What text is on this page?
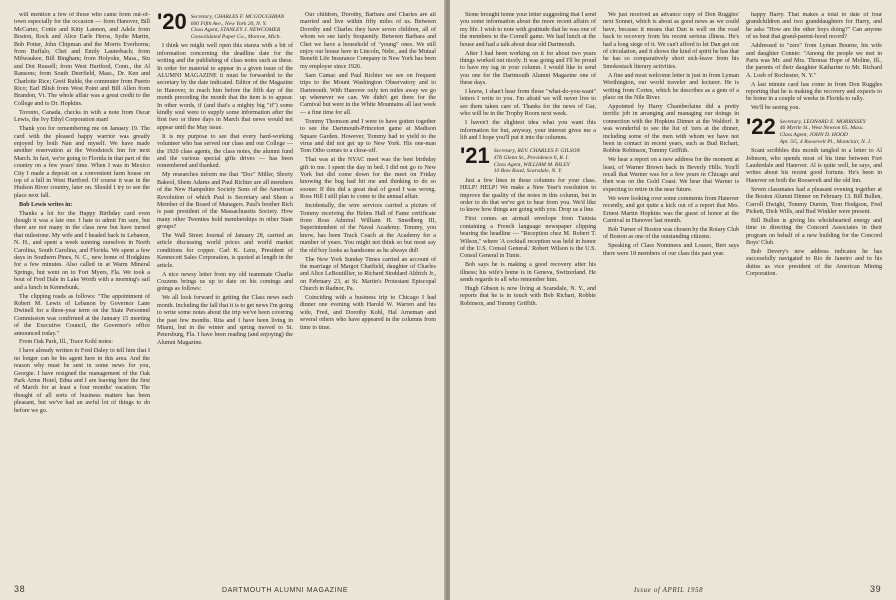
will mention a few of those who came from out-of-town especially for the occasion — from Hanover, Bill McCarter, Cottie and Kitty Lannon, and Adele from Boston, Rock and Alice Earle Heros, Sydie Martin, Bob Potter, John Chipman and the Morris Everhorns; from Buffalo, Chet and Emily Lauterbach; from Milwaukee, Bill Bingham; from Holyoke, Mass., Stu and Dot Russell; from West Hartford, Conn., the Al Ransons; from South Deerfield, Mass., Dr. Ken and Charlotte Rice; Greif Ruhle, the commuter from Puerto Rico; Earl Blish from West Point and Bill Allen from Brandon, Vt. The whole affair was a great credit to the College and to Dr. Hopkins.

Toronto, Canada, checks in with a note from Oscar Lewis, the Ivy Ethyl Corporation man!

Thank you for remembering me on January 19. The card with the pleased happy warrior was greatly enjoyed by both Nan and myself. We have made another reservation at the Woodstock Inn for next March. In fact, we're going to Florida in that part of the country on a few years' time. When I was in Mexico City I made a deposit on a convenient farm house on top of a hill in West Hartford. Of course it was in the Hudson River country, later on. Should I try to see the place next fall.

Bob Lewis writes in:

Thanks a lot for the Happy Birthday card even though it was a late one. I hate to admit I'm sure, but there are not many in the class now but have turned that milestone. My wife and I headed back in Lebanon, N. H., and spent a week sunning ourselves in North Carolina, South Carolina, and Florida. We spent a few days in Southern Pines, N. C., new home of Hodgkins for a few minutes. Also called in at Warm Mineral Springs, but went on to Fort Myers, Fla. We took a bout of Fred Dale in Lake Worth with a morning's sail and a lunch in Kennebunk.

The clipping reads as follows: "The appointment of Robert M. Lewis of Lebanon by Governor Lane Dwinell for a three-year term on the State Personnel Commission was confirmed at the January 15 meeting of the Executive Council, the Governor's office announced today."

From Oak Park, Ill., Trace Kohl notes:

I have already written to Fred Daley to tell him that I no longer can be his agent here in this area. And the reason why must be sent in some news for you, Georgie. I have resigned the management of the Oak Park Arms Hotel, Edna and I are leaving here the first of March for at least a four months' vacation. The thought of all sorts of business matters has been pleasant, but we've had an awful lot of things to do before we go.

'20 Secretary, CHARLES F. MCGOUGHRAN
600 Fifth Ave., New York 20, N. Y.
Class Agent, STANLEY J. NEWCOMER
Consolidated Paper Co., Monroe, Mich.

I think we might well open this stanza with a bit of information concerning the deadline date for the writing and the publishing of class notes such as these. In order for material to appear in a given issue of the ALUMNI MAGAZINE it must be forwarded to the secretary by the date indicated. Editor of the Magazine in Hanover, to reach him before the fifth day of the month preceding the month that the item is to appear. In other words, if (and that's a mighty big "if") some kindly soul were to supply some information after the first two or three days in March that news would not appear until the May issue.

It is my purpose to see that every hard-working volunteer who has served our class and our College — the 1920 class agents, the class notes, the alumni fund and the various special gifts drives — has been remembered and thanked.

My researches inform me that "Doc" Miller, Shorty Bakeol, Shem Adams and Paul Richter are all members of the New Hampshire Society Sons of the American Revolution of which Paul is Secretary and Shem a Member of the Board of Managers. Paul's brother Rich is past president of the Massachusetts Society. How many other Twenties hold memberships in other State groups?

The Wall Street Journal of January 28, carried an article discussing world prices and world market conditions for copper. Carl K. Lenz, President of Kennecott Sales Corporation, is quoted at length in the article.

A nice newsy letter from my old teammate Charlie Cozzens brings us up to date on his comings and goings as follows:

We all look forward to getting the Class news each month. Including the fall that it is to get news I'm going to write some notes about the trip we've been covering the past few months. Rita and I have been living in Miami, but in the winter and spring moved to St. Petersburg, Fla. I have been reading (and enjoying) the Alumni Magazine.

Our children, Dorothy, Barbara and Charles are all married and live within fifty miles of us. Between Dorothy and Charles they have seven children, all of whom we see fairly frequently. Between Barbara and Chet we have a household of "young" ones. We still enjoy our house here in Lincoln, Nebr., and the Mutual Benefit Life Insurance Company in New York has been my employer since 1926.

Sam Camac and Paul Richter we see on frequent trips to the Mount Washington Observatory and to Dartmouth. With Hanover only ten miles away we go up whenever we can. We didn't get there for the Carnival but were in the White Mountains all last week — a fine time for all.

Tommy Thomson and I were to have gotten together to see the Dartmouth-Princeton game at Madison Square Garden. However, Tommy had to yield to the virus and did not get up to New York. His one-man Tom Otho comes to a close-off.

That was at the NYAC meet was the best birthday gift to me. I spent the day in bed. I did not go to New York but did come down for the meet on Friday knowing the bug had hit me and thinking to do so sooner. If this did a great deal of good I was wrong. Ross Hill I still plan to come to the annual affair.

Incidentally, the wire services carried a picture of Tommy receiving the Helms Hall of Fame certificate from Ross Admiral William H. Smedberg III, Superintendent of the Naval Academy. Tommy, you know, has been Track Coach at the Academy for a number of years. You might not think so but most say the old boy looks as handsome as he always did!

The New York Sunday Times carried an account of the marriage of Margot Chatfield, daughter of Charles and Alice LeBoutillier, to Richard Stoddard Aldrich Jr., on February 23, at St. Martin's Protestant Episcopal Church in Radnor, Pa.

Coinciding with a business trip to Chicago I had dinner one evening with Harold W. Warren and his wife, Fred, and Dorothy Kohl, Hal Arneman and several others who have appeared in the columns from time to time.

38	DARTMOUTH ALUMNI MAGAZINE

Stone brought home your letter suggesting that I send you some information about the more recent affairs of my life. I wish to note with gratitude that he was one of the members to the Cornell game. We had lunch at the house and had a talk about dear old Dartmouth.

After I had been working on it for about two years things worked out nicely. It was going and I'll be proud to have my tag in your column. I would like to send you one for the Dartmouth Alumni Magazine one of these days.

I know, I shan't hear from those "what-do-you-want" letters I write to you. I'm afraid we will never live to see them taken care of. Thanks for the news of Gar, who will be in the Trophy Room next week.

I haven't the slightest idea what you want this information for but, anyway, your interest gives me a lift and I hope you'll put it into the columns.

'21 Secretary, REV. CHARLES F. GILSON
476 Glenn St., Providence 6, R. I.
Class Agent, WILLIAM M. RILEY
10 Bow Road, Scarsdale, N. Y.

Just a few lines in these columns for your class. HELP! HELP! We make a New Year's resolution to improve the quality of the notes in this column, but in order to do that we've got to hear from you. We'd like to know how things are going with you. Drop us a line.

First comes an airmail envelope from Tunisia containing a French language newspaper clipping bearing the headline — "Reception chez M. Robert T. Wilson," where 'A cocktail reception was held in honor of the U.S. Consul General.' Robert Wilson is the U.S. Consul General in Tunis.

Bob says he is making a good recovery after his illness; his wife's home is in Geneva, Switzerland. He sends regards to all who remember him.

Hugh Gibson is now living at Scarsdale, N. Y., and reports that he is in touch with Bob Richart, Robbie Robinson, and Tommy Griffith.

We just received an advance copy of Don Ruggles' next Sonnet, which is about as good news as we could have, because it means that Dan is well on the road back to recovery from his recent serious illness. He's had a long siege of it. We can't afford to let Dan get out of circulation, and it shows the kind of spirit he has that he has so comparatively short sick-leave from his Smokestack literary activities.

A fine and most welcome letter is just in from Lyman Worthington, our world traveler and lecturer. He is writing from Cortes, which he describes as a gem of a place on the Nile River.

Appointed by Harry Chamberlaine did a pretty terrific job in arranging and managing our doings in connection with the Hopkins Dinner at the Waldorf. It was wonderful to see the list of 'zers at the dinner, including some of the men with whom we have not been in contact in recent years, such as Bud Richart, Robbie Robinson, Tommy Griffith.

We hear a report on a new address for the moment at least, of Warner Brown back in Beverly Hills. You'll recall that Warner was for a few years in Chicago and then was on the Gold Coast. We hear that Warner is expecting to retire in the near future.

We were looking over some comments from Hanover recently, and got quite a kick out of a report that Mrs. Ernest Martin Hopkins was the guest of honor at the Carnival in Hanover last month.

Bob Turner of Boston was chosen by the Rotary Club of Boston as one of the outstanding citizens.

Speaking of Class Nominees and Losses, Bert says there were 18 members of our class this past year.

happy Harry. That makes a total to date of four grandchildren and two granddaughters for Harry, and he asks "How are the other boys doing?" Can anyone of us beat that grand-parent-hood record?

Addressed to "zers" from Lyman Bourne, his wife and daughter Connie: "Among the people we met in Paris was Mr. and Mrs. Thomas Hope of Moline, Ill., the parents of their daughter Katharine to Mr. Richard A. Loeb of Rochester, N. Y."

A last minute card has come in from Don Ruggles reporting that he is making the recovery and expects to be home in a couple of weeks in Florida to rally.

We'll be seeing you.

'22 Secretary, LEONARD E. MORRISSEY
46 Myrtle St., West Newton 65, Mass.
Class Agent, JOHN D. HOOD
Apt. 5G, 4 Roosevelt Pl., Montclair, N. J.

Scant scribbles this month tangled in a letter to Al Johnson, who spends most of his time between Fort Lauderdale and Hanover. Al is quite well, he says, and writes about his recent good fortune. He's been in Hanover on both the Roosevelt and the old Inn.

Seven classmates had a pleasant evening together at the Boston Alumni Dinner on February 13. Bill Bullen, Carroll Dwight, Tommy Durnin, Tom Hodgson, Fred Pickett, Dick Wills, and Bud Winkler were present.

Bill Bullen is giving his wholehearted energy and time in directing the Concord Associates in their program on behalf of a new building for the Concord Boys' Club.

Bob Devery's new address indicates he has successfully navigated to Rio de Janeiro and to his duties as vice president of the American Mining Corporation.

Issue of APRIL 1958	39
